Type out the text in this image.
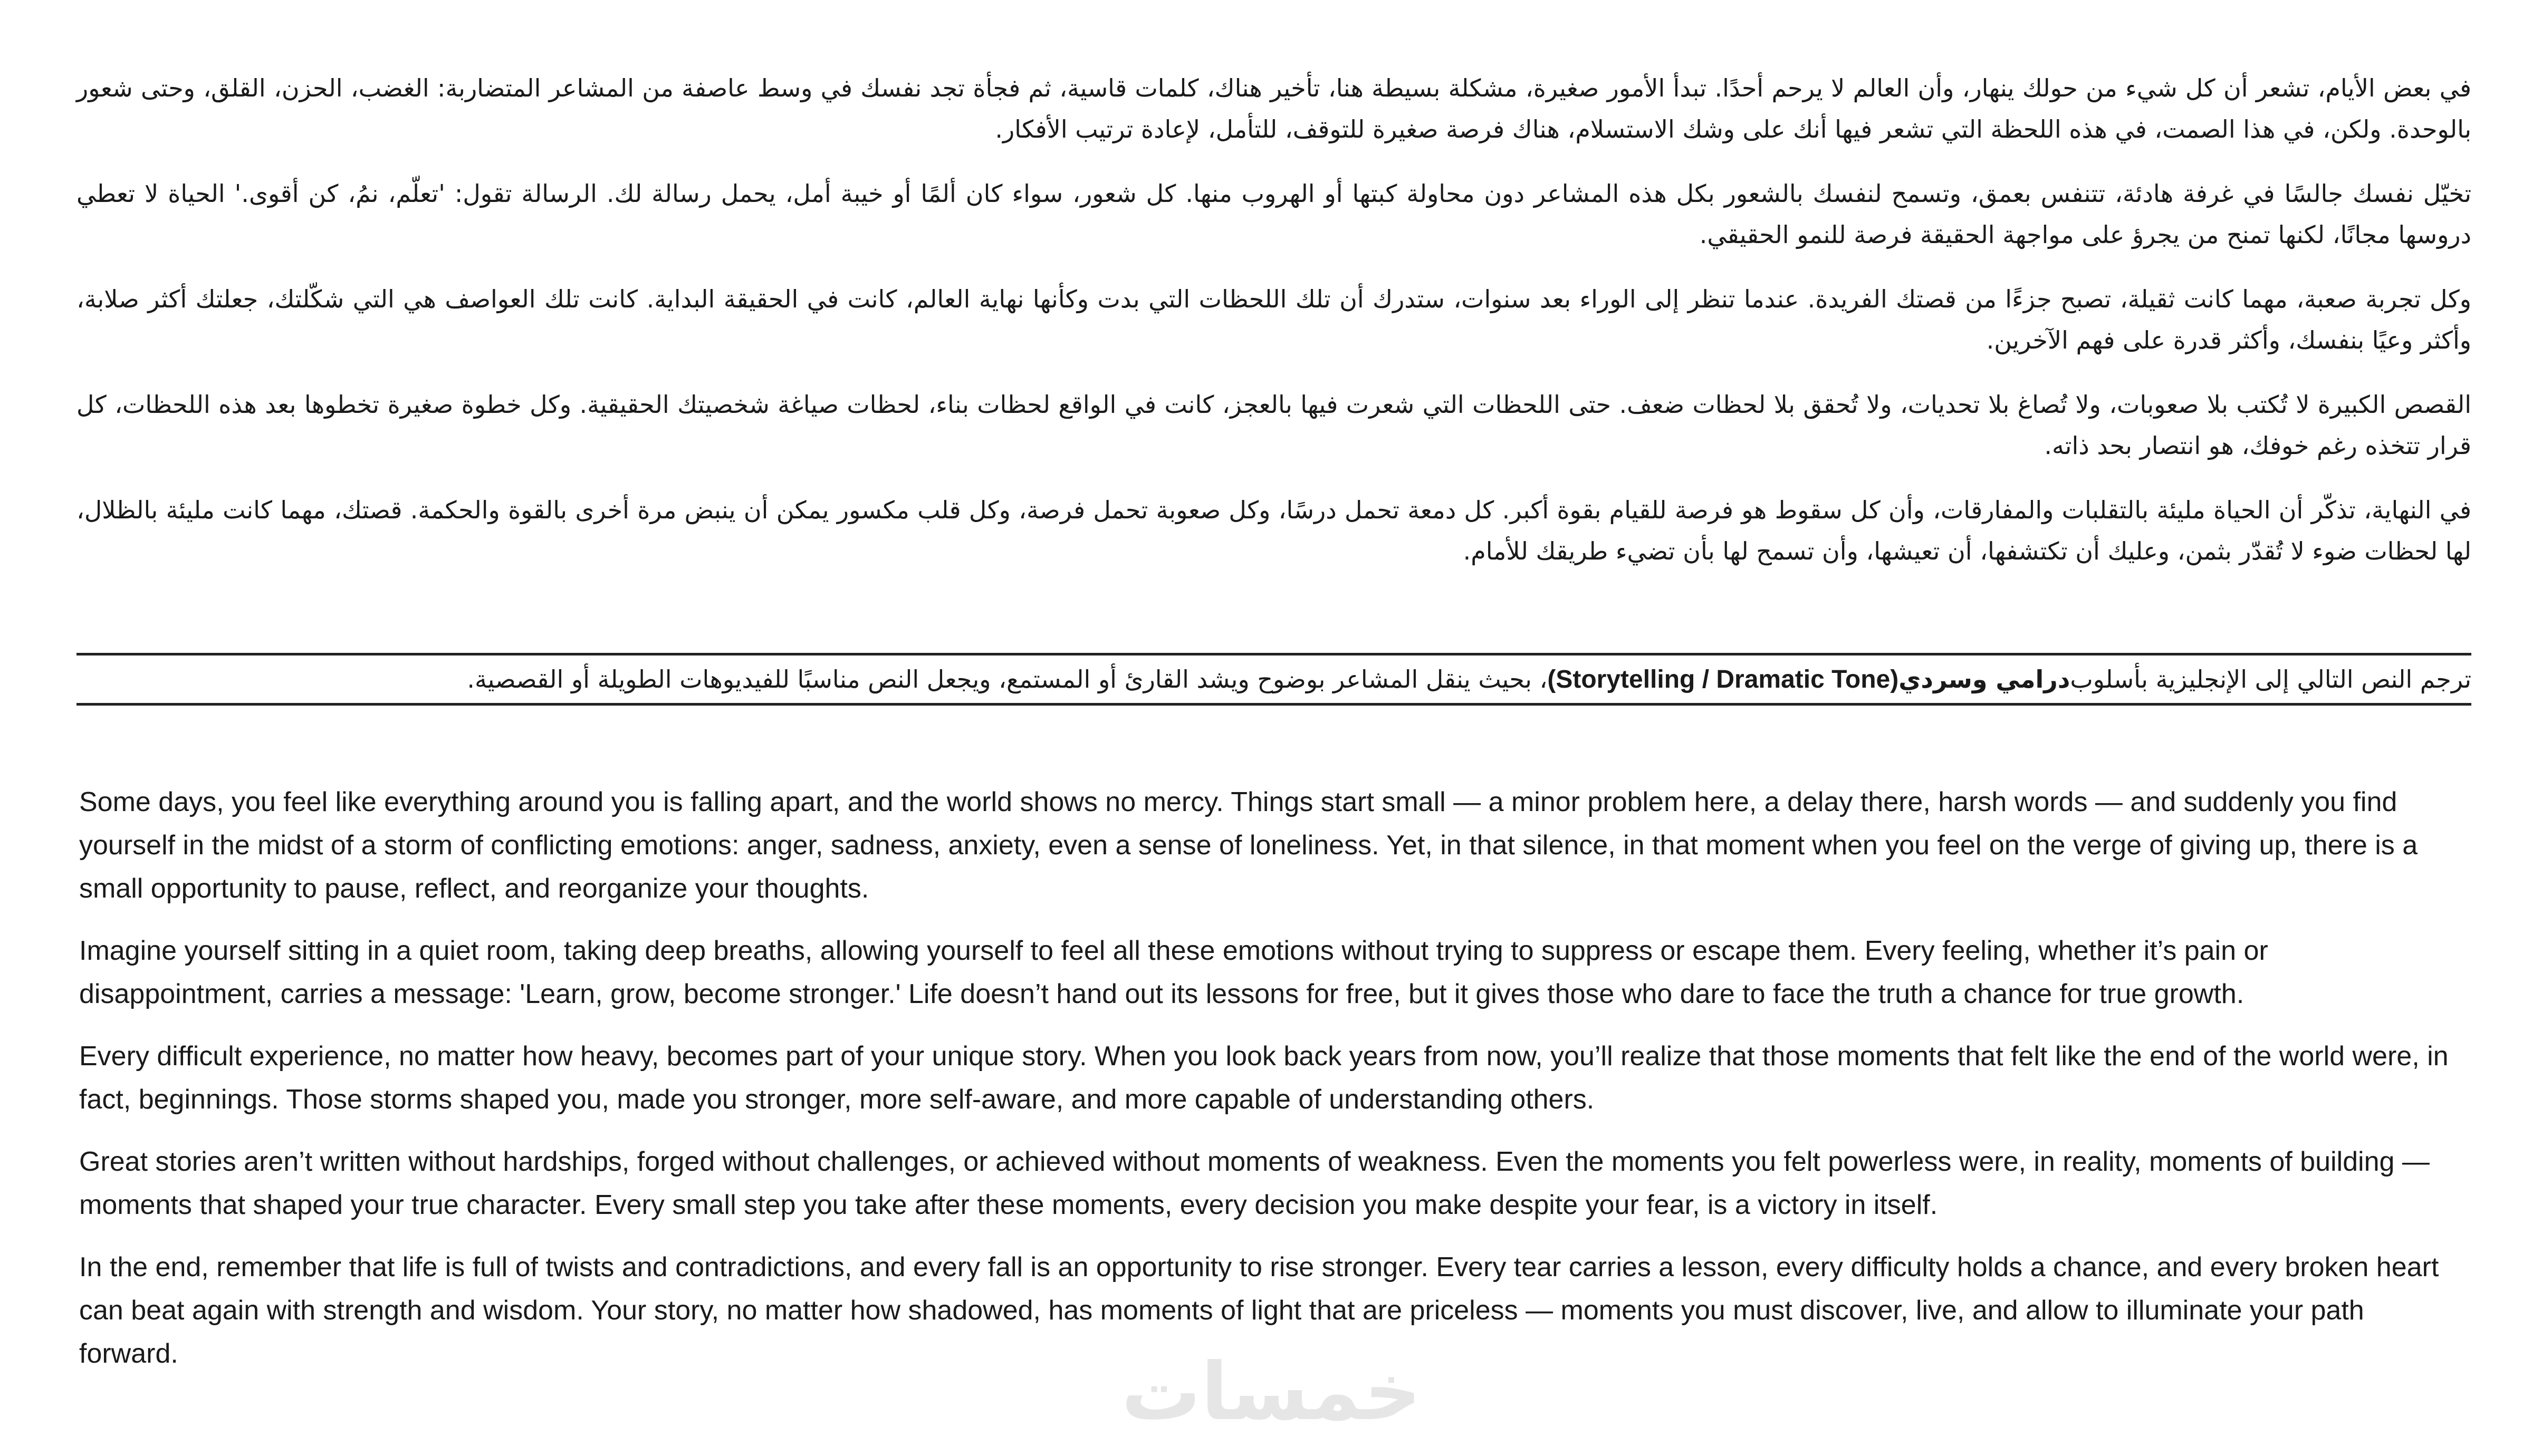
في بعض الأيام، تشعر أن كل شيء من حولك ينهار، وأن العالم لا يرحم أحدًا. تبدأ الأمور صغيرة، مشكلة بسيطة هنا، تأخير هناك، كلمات قاسية، ثم فجأة تجد نفسك في وسط عاصفة من المشاعر المتضاربة: الغضب، الحزن، القلق، وحتى شعور بالوحدة. ولكن، في هذا الصمت، في هذه اللحظة التي تشعر فيها أنك على وشك الاستسلام، هناك فرصة صغيرة للتوقف، للتأمل، لإعادة ترتيب الأفكار.

تخيّل نفسك جالسًا في غرفة هادئة، تتنفس بعمق، وتسمح لنفسك بالشعور بكل هذه المشاعر دون محاولة كبتها أو الهروب منها. كل شعور، سواء كان ألمًا أو خيبة أمل، يحمل رسالة لك. الرسالة تقول: 'تعلّم، نمُ، كن أقوى.' الحياة لا تعطي دروسها مجانًا، لكنها تمنح من يجرؤ على مواجهة الحقيقة فرصة للنمو الحقيقي.

وكل تجربة صعبة، مهما كانت ثقيلة، تصبح جزءًا من قصتك الفريدة. عندما تنظر إلى الوراء بعد سنوات، ستدرك أن تلك اللحظات التي بدت وكأنها نهاية العالم، كانت في الحقيقة البداية. كانت تلك العواصف هي التي شكّلتك، جعلتك أكثر صلابة، وأكثر وعيًا بنفسك، وأكثر قدرة على فهم الآخرين.

القصص الكبيرة لا تُكتب بلا صعوبات، ولا تُصاغ بلا تحديات، ولا تُحقق بلا لحظات ضعف. حتى اللحظات التي شعرت فيها بالعجز، كانت في الواقع لحظات بناء، لحظات صياغة شخصيتك الحقيقية. وكل خطوة صغيرة تخطوها بعد هذه اللحظات، كل قرار تتخذه رغم خوفك، هو انتصار بحد ذاته.

في النهاية، تذكّر أن الحياة مليئة بالتقلبات والمفارقات، وأن كل سقوط هو فرصة للقيام بقوة أكبر. كل دمعة تحمل درسًا، وكل صعوبة تحمل فرصة، وكل قلب مكسور يمكن أن ينبض مرة أخرى بالقوة والحكمة. قصتك، مهما كانت مليئة بالظلال، لها لحظات ضوء لا تُقدّر بثمن، وعليك أن تكتشفها، أن تعيشها، وأن تسمح لها بأن تضيء طريقك للأمام.

ترجم النص التالي إلى الإنجليزية بأسلوب
درامي وسردي
(Storytelling / Dramatic Tone)
، بحيث ينقل المشاعر بوضوح ويشد القارئ أو المستمع، ويجعل النص مناسبًا للفيديوهات الطويلة أو القصصية.

Some days, you feel like everything around you is falling apart, and the world shows no mercy. Things start small — a minor problem here, a delay there, harsh words — and suddenly you find yourself in the midst of a storm of conflicting emotions: anger, sadness, anxiety, even a sense of loneliness. Yet, in that silence, in that moment when you feel on the verge of giving up, there is a small opportunity to pause, reflect, and reorganize your thoughts.

Imagine yourself sitting in a quiet room, taking deep breaths, allowing yourself to feel all these emotions without trying to suppress or escape them. Every feeling, whether it’s pain or disappointment, carries a message: 'Learn, grow, become stronger.' Life doesn’t hand out its lessons for free, but it gives those who dare to face the truth a chance for true growth.

Every difficult experience, no matter how heavy, becomes part of your unique story. When you look back years from now, you’ll realize that those moments that felt like the end of the world were, in fact, beginnings. Those storms shaped you, made you stronger, more self-aware, and more capable of understanding others.

Great stories aren’t written without hardships, forged without challenges, or achieved without moments of weakness. Even the moments you felt powerless were, in reality, moments of building — moments that shaped your true character. Every small step you take after these moments, every decision you make despite your fear, is a victory in itself.

In the end, remember that life is full of twists and contradictions, and every fall is an opportunity to rise stronger. Every tear carries a lesson, every difficulty holds a chance, and every broken heart can beat again with strength and wisdom. Your story, no matter how shadowed, has moments of light that are priceless — moments you must discover, live, and allow to illuminate your path forward.	خمسات
